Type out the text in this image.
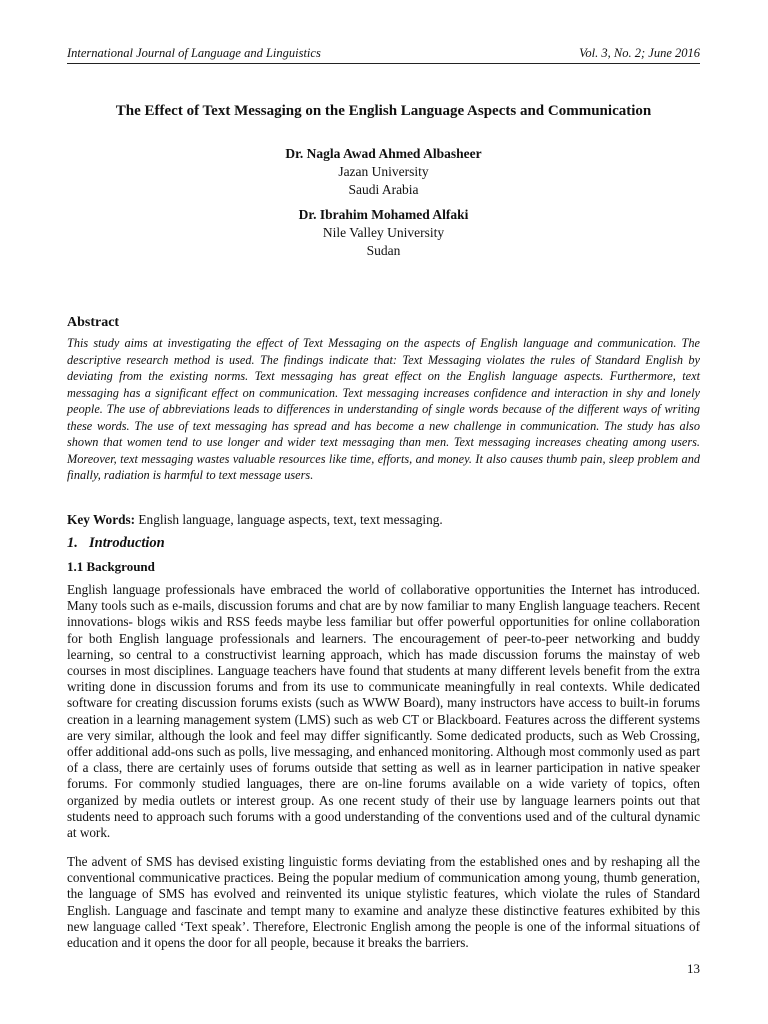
International Journal of Language and Linguistics	Vol. 3, No. 2; June 2016
The Effect of Text Messaging on the English Language Aspects and Communication
Dr. Nagla Awad Ahmed Albasheer
Jazan University
Saudi Arabia
Dr. Ibrahim Mohamed Alfaki
Nile Valley University
Sudan
Abstract

This study aims at investigating the effect of Text Messaging on the aspects of English language and communication. The descriptive research method is used. The findings indicate that: Text Messaging violates the rules of Standard English by deviating from the existing norms. Text messaging has great effect on the English language aspects. Furthermore, text messaging has a significant effect on communication. Text messaging increases confidence and interaction in shy and lonely people. The use of abbreviations leads to differences in understanding of single words because of the different ways of writing these words. The use of text messaging has spread and has become a new challenge in communication. The study has also shown that women tend to use longer and wider text messaging than men. Text messaging increases cheating among users. Moreover, text messaging wastes valuable resources like time, efforts, and money. It also causes thumb pain, sleep problem and finally, radiation is harmful to text message users.

Key Words: English language, language aspects, text, text messaging.

1. Introduction
1.1 Background

English language professionals have embraced the world of collaborative opportunities the Internet has introduced. Many tools such as e-mails, discussion forums and chat are by now familiar to many English language teachers. Recent innovations- blogs wikis and RSS feeds maybe less familiar but offer powerful opportunities for online collaboration for both English language professionals and learners. The encouragement of peer-to-peer networking and buddy learning, so central to a constructivist learning approach, which has made discussion forums the mainstay of web courses in most disciplines. Language teachers have found that students at many different levels benefit from the extra writing done in discussion forums and from its use to communicate meaningfully in real contexts. While dedicated software for creating discussion forums exists (such as WWW Board), many instructors have access to built-in forums creation in a learning management system (LMS) such as web CT or Blackboard. Features across the different systems are very similar, although the look and feel may differ significantly. Some dedicated products, such as Web Crossing, offer additional add-ons such as polls, live messaging, and enhanced monitoring. Although most commonly used as part of a class, there are certainly uses of forums outside that setting as well as in learner participation in native speaker forums. For commonly studied languages, there are on-line forums available on a wide variety of topics, often organized by media outlets or interest group. As one recent study of their use by language learners points out that students need to approach such forums with a good understanding of the conventions used and of the cultural dynamic at work.

The advent of SMS has devised existing linguistic forms deviating from the established ones and by reshaping all the conventional communicative practices. Being the popular medium of communication among young, thumb generation, the language of SMS has evolved and reinvented its unique stylistic features, which violate the rules of Standard English. Language and fascinate and tempt many to examine and analyze these distinctive features exhibited by this new language called ‘Text speak’. Therefore, Electronic English among the people is one of the informal situations of education and it opens the door for all people, because it breaks the barriers.

13
